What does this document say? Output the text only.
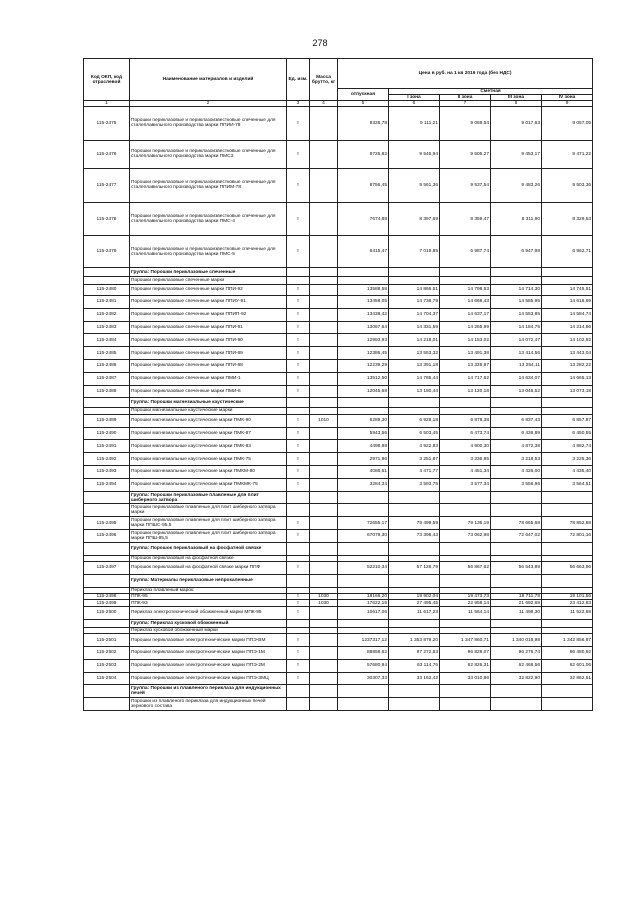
278
Код ОКП, код отраслевой	Наименование материалов и изделий	Ед. изм.	Масса брутто, кг	Цена в руб. на 1 кв 2016 года (без НДС)				
				отпускная	Сметная			
					I зона	II зона	III зона	IV зона
1	2	3	4	5	6	7	8	9
115-2475	Порошки периклазовые и периклазоизвестковые спеченные для сталеплавильного производства марки ППИИ-78	т		8326,78	9 111,21	9 069,54	9 017,63	9 057,05
115-2476	Порошки периклазовые и периклазоизвестковые спеченные для сталеплавильного производства марки ПМСЗ	т		8726,82	9 546,94	9 505,27	9 453,17	9 471,22
115-2477	Порошки периклазовые и периклазоизвестковые спеченные для сталеплавильного производства марки ППИМ-78	т		8756,45	9 561,36	9 537,54	9 483,26	9 503,36
115-2478	Порошки периклазовые и периклазоизвестковые спеченные для сталеплавильного производства марки ПМС-4	т		7674,88	8 397,69	8 359,47	8 311,90	8 329,53
115-2479	Порошки периклазовые и периклазоизвестковые спеченные для сталеплавильного производства марки ПМС-5	т		6415,47	7 019,85	6 987,74	6 947,98	6 962,71
	Группа: Порошки периклазовые спеченные							
	Порошки периклазовые спеченные марки							
115-2480	Порошки периклазовые спеченные марки ППИ-92	т		13588,58	14 866,51	14 798,53	14 714,30	14 745,51
115-2481	Порошки периклазовые спеченные марки ППИУ-91	т		13458,05	14 736,79	14 668,43	14 585,95	14 616,69
115-2482	Порошки периклазовые спеченные марки ППИП-92	т		13438,42	14 704,37	14 637,17	14 553,85	14 584,74
115-2483	Порошки периклазовые спеченные марки ППИ-91	т		13067,64	14 331,59	14 265,99	14 184,75	14 214,86
115-2484	Порошки периклазовые спеченные марки ППИ-90	т		12993,93	14 218,01	14 153,02	14 072,47	14 102,92
115-2485	Порошки периклазовые спеченные марки ППИ-89	т		12386,45	13 553,32	13 491,38	13 414,56	13 443,04
115-2486	Порошки периклазовые спеченные марки ППИ-88	т		12239,29	13 391,18	13 328,97	13 254,11	13 282,22
115-2487	Порошки периклазовые спеченные марки ПМИ-1	т		13512,50	14 785,44	14 717,62	14 634,07	14 665,13
115-2488	Порошки периклазовые спеченные марки ПМИ-6	т		12045,68	13 180,44	13 120,18	13 045,52	13 073,18
	Группа: Порошки магнезиальные каустические							
	Порошки магнезиальные каустические марки							
115-2489	Порошки магнезиальные каустические марки ПМК-90	т	1010	6289,30	6 928,18	6 878,38	6 837,43	6 857,87
115-2490	Порошки магнезиальные каустические марки ПМК-87	т		5943,56	6 503,45	6 473,74	6 436,89	6 450,55
115-2491	Порошки магнезиальные каустические марки ПМК-83	т		4498,98	4 922,83	4 900,30	4 872,38	4 882,74
115-2492	Порошки магнезиальные каустические марки ПМК-75	т		2971,96	3 251,87	3 236,95	3 218,53	3 225,36
115-2493	Порошки магнезиальные каустические марки ПМКМ-80	т		4086,61	4 471,77	4 451,34	4 426,00	4 435,40
115-2494	Порошки магнезиальные каустические марки ПМКМК-75	т		3284,34	3 593,75	3 577,34	3 556,96	3 564,51
	Группа: Порошки периклазовые плавленые для плит шиберного затвора							
	Порошки периклазовые плавленые для плит шиберного затвора марки							
115-2495	Порошки периклазовые плавленые для плит шиберного затвора марки ППШС-95,5	т		72655,17	79 499,59	79 136,19	78 665,68	78 852,68
115-2496	Порошки периклазовые плавленые для плит шиберного затвора марки ППШ-95,5	т		67079,30	73 398,43	73 062,98	72 647,02	72 801,16
	Группа: Порошок периклазовый на фосфатной связке							
	Порошок периклазовый на фосфатной связке							
115-2497	Порошок периклазовый на фосфатной связке марки ППФ	т		52210,34	57 128,79	56 867,62	56 543,89	56 663,96
	Группа: Материалы периклазовые непрокаленные							
	Периклаз плавленый марок:							
115-2498	ППК-95	т	1030	18166,20	19 902,04	19 473,73	18 711,78	19 101,56
115-2499	ППК-93	т	1030	17622,19	27 495,45	22 958,14	21 692,69	23 412,83
115-2500	Периклаз электротехнический обожженный марки МПК-95	т		10617,06	11 617,23	11 564,14	11 498,30	11 522,68
	Группа: Периклаз кусковой обожженный							
	Периклаз кусковой обожженный марки							
115-2501	Порошки периклазовые электротехнические марки ППЭ-ВМ	т		1237317,12	1 353 879,20	1 347 860,71	1 340 016,98	1 342 856,87
115-2502	Порошки периклазовые электротехнические марки ППЭ-1М	т		88858,62	97 272,63	96 828,07	96 276,74	96 480,92
115-2503	Порошки периклазовые электротехнические марки ППЭ-2М	т		57680,94	63 114,76	62 826,31	62 468,56	62 601,06
115-2504	Порошки периклазовые электротехнические марки ППЭ-ЗМЦ	т		30307,33	33 162,42	33 010,86	32 822,90	32 862,51
	Группа: Порошки из плавленого периклаза для индукционных печей							
	Порошки из плавленого периклаза для индукционных печей зернового состава							
